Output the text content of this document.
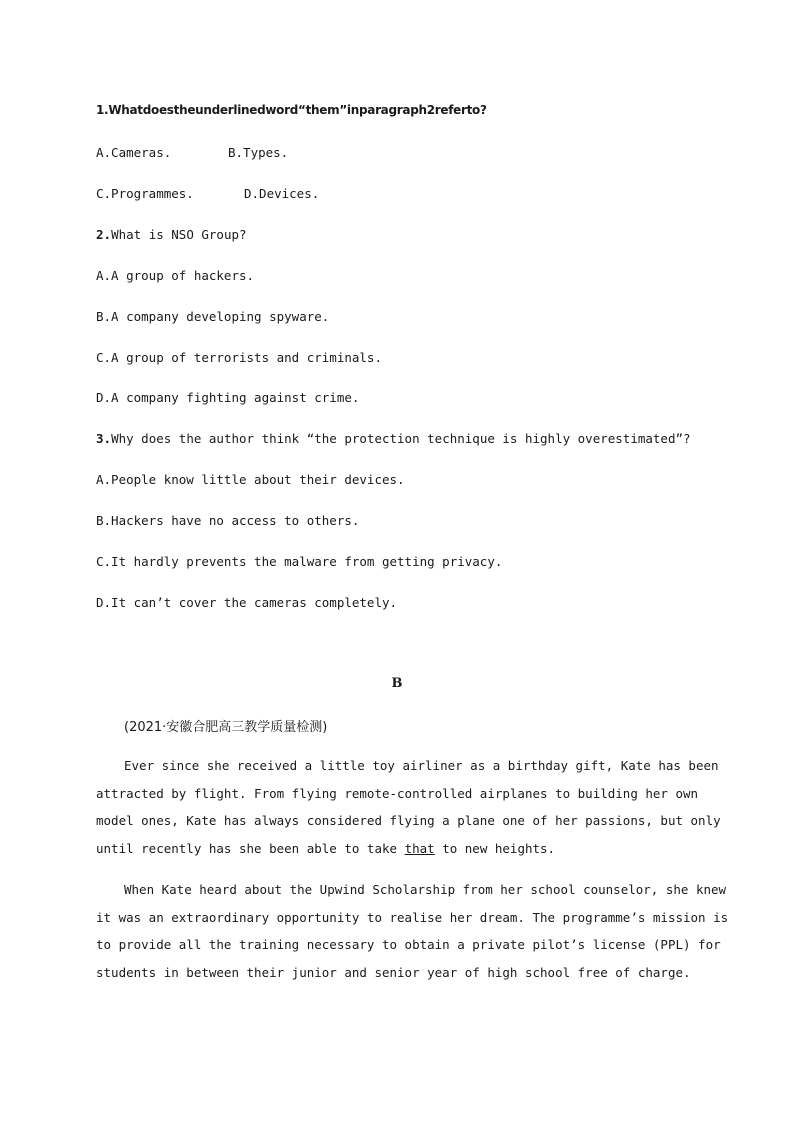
1.Whatdoestheunderlinedword“them”inparagraph2referto?
A.Cameras.	B.Types.
C.Programmes.	D.Devices.
2.What is NSO Group?
A.A group of hackers.
B.A company developing spyware.
C.A group of terrorists and criminals.
D.A company fighting against crime.
3.Why does the author think “the protection technique is highly overestimated”?
A.People know little about their devices.
B.Hackers have no access to others.
C.It hardly prevents the malware from getting privacy.
D.It can’t cover the cameras completely.
B
(2021·安徽合肥高三教学质量检测)
Ever since she received a little toy airliner as a birthday gift, Kate has been
attracted by flight. From flying remote-controlled airplanes to building her own
model ones, Kate has always considered flying a plane one of her passions, but only
until recently has she been able to take that to new heights.
When Kate heard about the Upwind Scholarship from her school counselor, she knew
it was an extraordinary opportunity to realise her dream. The programme’s mission is
to provide all the training necessary to obtain a private pilot’s license (PPL) for
students in between their junior and senior year of high school free of charge.
